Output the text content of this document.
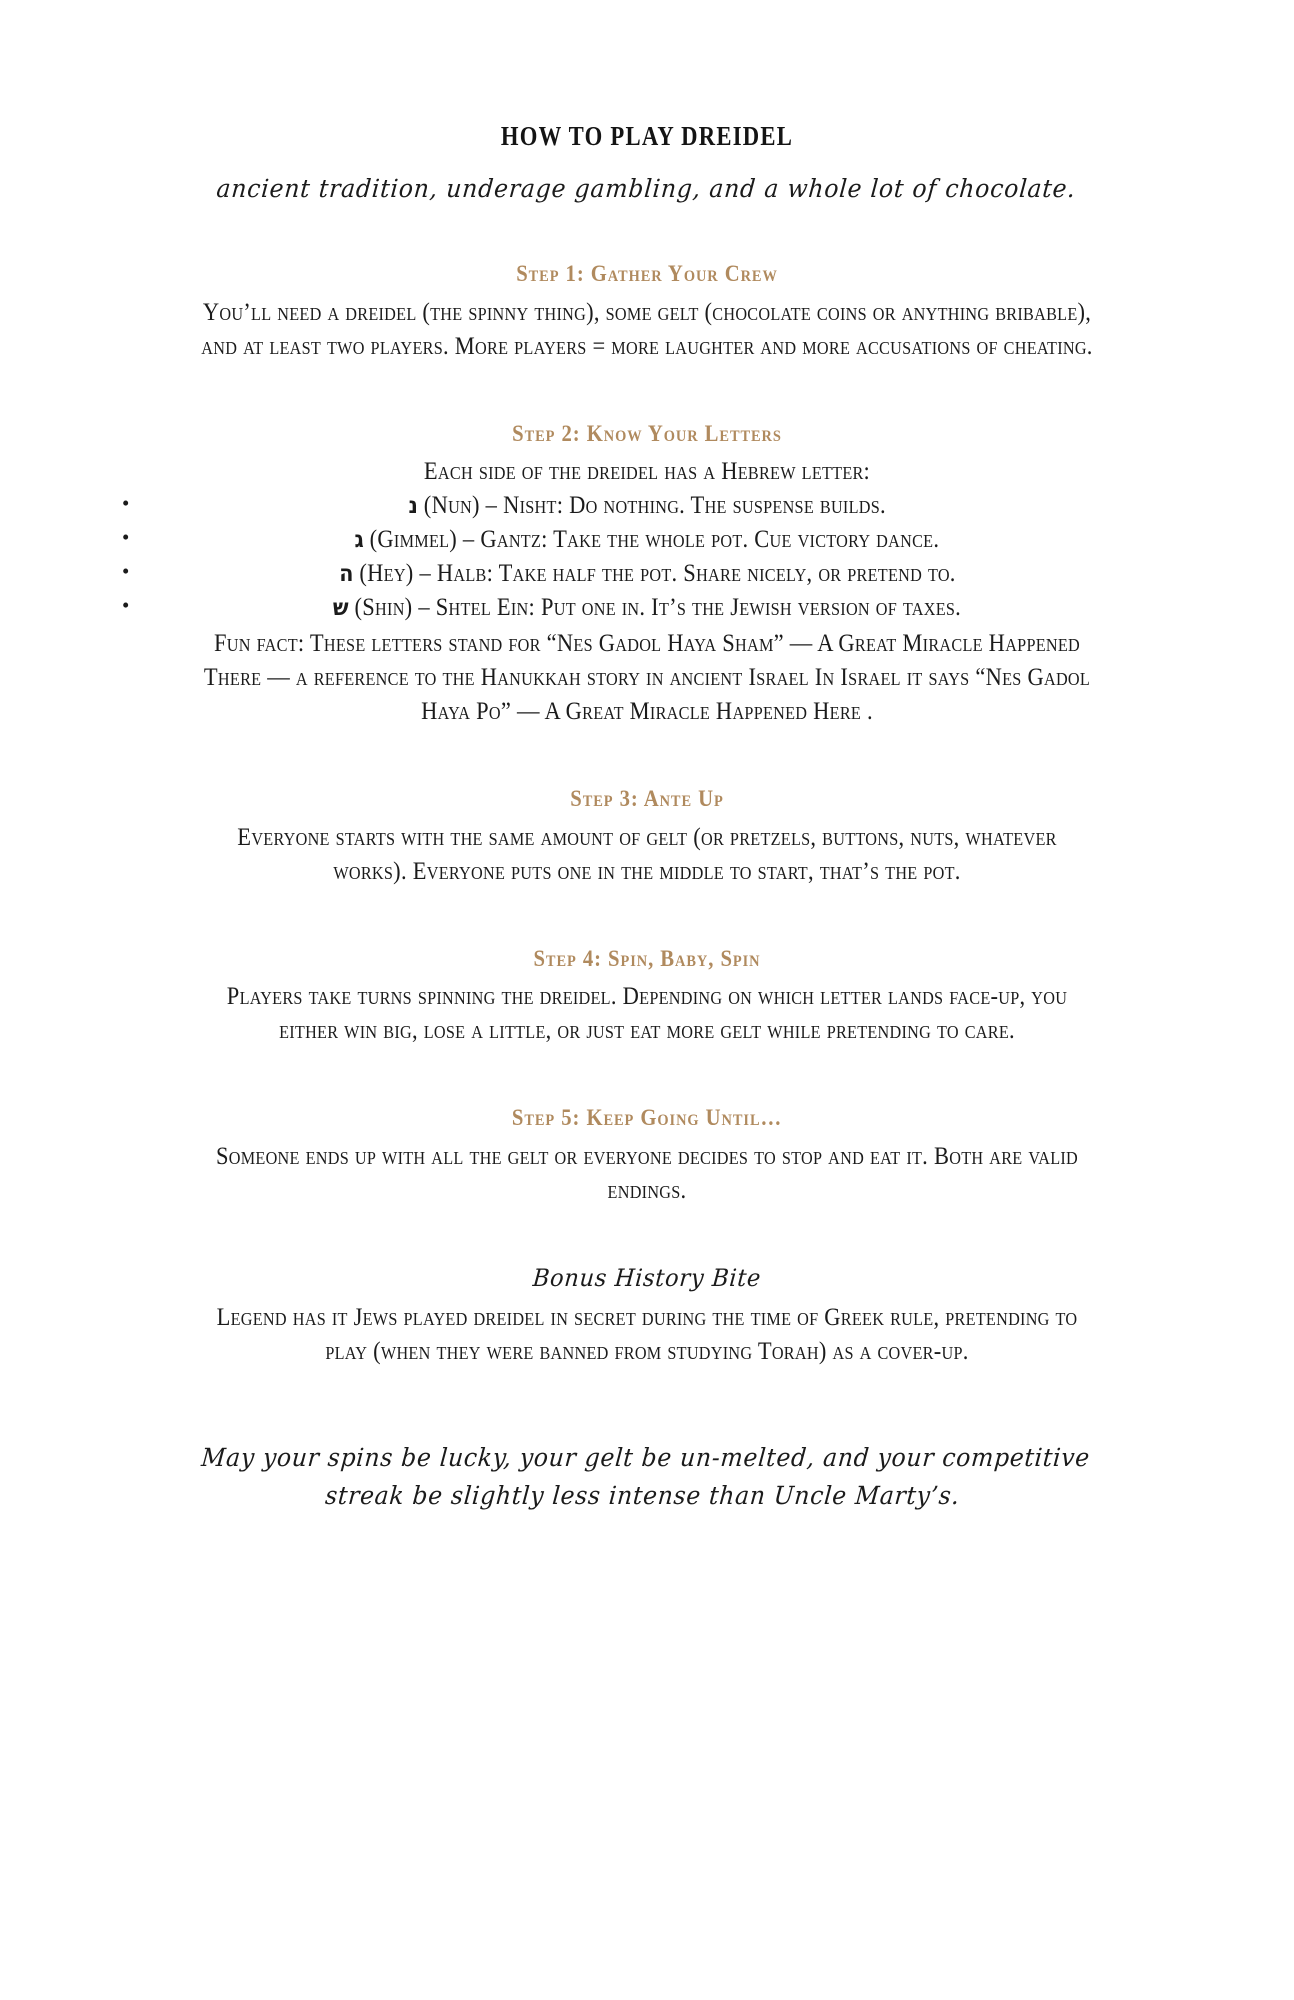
HOW TO PLAY DREIDEL

ancient tradition, underage gambling, and a whole lot of chocolate.

Step 1: Gather Your Crew

You’ll need a dreidel (the spinny thing), some gelt (chocolate coins or anything bribable), and at least two players. More players = more laughter and more accusations of cheating.

Step 2: Know Your Letters

Each side of the dreidel has a Hebrew letter:

•	נ (Nun) – Nisht: Do nothing. The suspense builds.
•	ג (Gimmel) – Gantz: Take the whole pot. Cue victory dance.
•	ה (Hey) – Halb: Take half the pot. Share nicely, or pretend to.
•	ש (Shin) – Shtel Ein: Put one in. It’s the Jewish version of taxes.

Fun fact: These letters stand for “Nes Gadol Haya Sham” — A Great Miracle Happened There — a reference to the Hanukkah story in ancient Israel In Israel it says “Nes Gadol Haya Po” — A Great Miracle Happened Here .

Step 3: Ante Up

Everyone starts with the same amount of gelt (or pretzels, buttons, nuts, whatever works). Everyone puts one in the middle to start, that’s the pot.

Step 4: Spin, Baby, Spin

Players take turns spinning the dreidel. Depending on which letter lands face-up, you either win big, lose a little, or just eat more gelt while pretending to care.

Step 5: Keep Going Until…

Someone ends up with all the gelt or everyone decides to stop and eat it. Both are valid endings.

Bonus History Bite

Legend has it Jews played dreidel in secret during the time of Greek rule, pretending to play (when they were banned from studying Torah) as a cover-up.

May your spins be lucky, your gelt be un-melted, and your competitive streak be slightly less intense than Uncle Marty’s.
